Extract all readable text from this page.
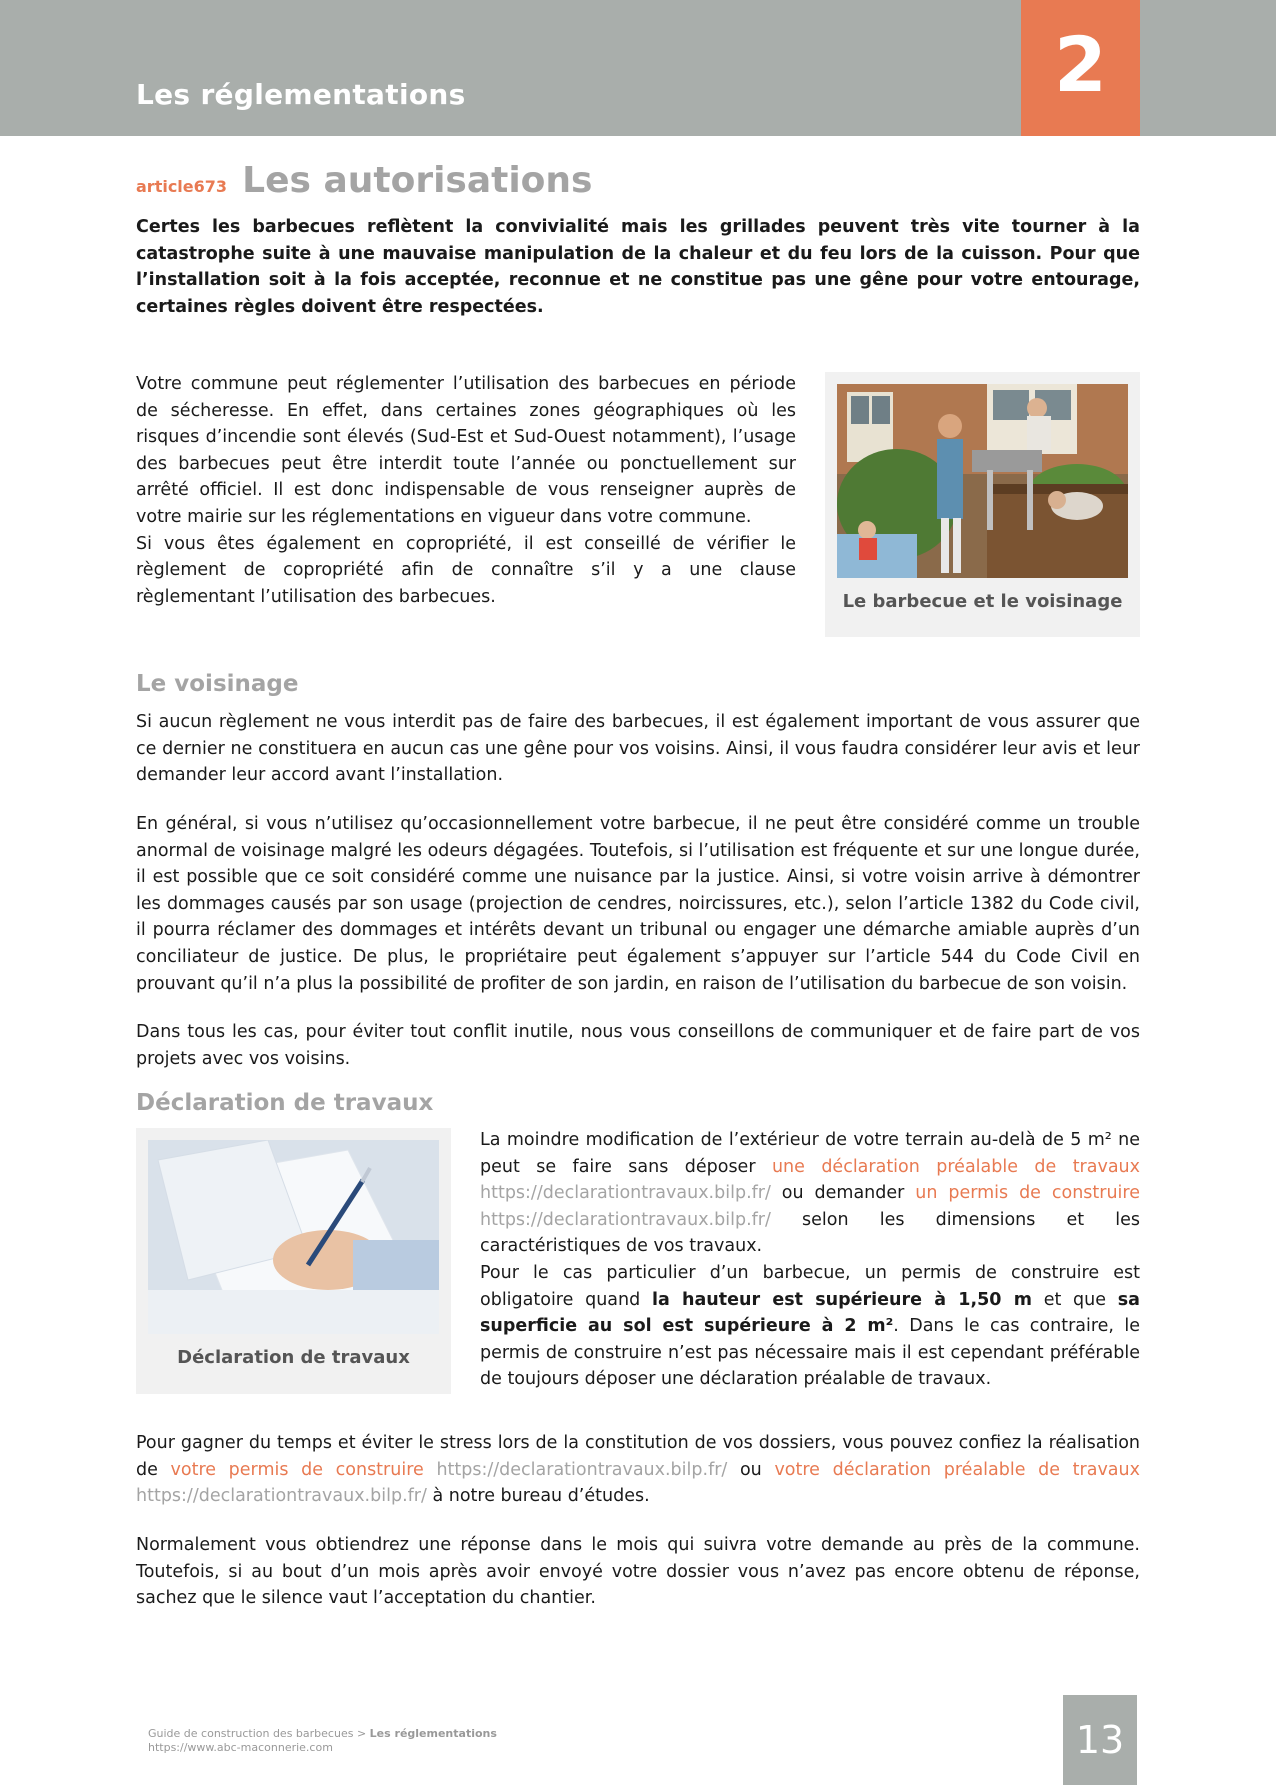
Les réglementations	2
article673 Les autorisations

Certes les barbecues reflètent la convivialité mais les grillades peuvent très vite tourner à la catastrophe suite à une mauvaise manipulation de la chaleur et du feu lors de la cuisson. Pour que l’installation soit à la fois acceptée, reconnue et ne constitue pas une gêne pour votre entourage, certaines règles doivent être respectées.

Votre commune peut réglementer l’utilisation des barbecues en période de sécheresse. En effet, dans certaines zones géographiques où les risques d’incendie sont élevés (Sud-Est et Sud-Ouest notamment), l’usage des barbecues peut être interdit toute l’année ou ponctuellement sur arrêté officiel. Il est donc indispensable de vous renseigner auprès de votre mairie sur les réglementations en vigueur dans votre commune.
Si vous êtes également en copropriété, il est conseillé de vérifier le règlement de copropriété afin de connaître s’il y a une clause règlementant l’utilisation des barbecues.	Le barbecue et le voisinage
Le voisinage

Si aucun règlement ne vous interdit pas de faire des barbecues, il est également important de vous assurer que ce dernier ne constituera en aucun cas une gêne pour vos voisins. Ainsi, il vous faudra considérer leur avis et leur demander leur accord avant l’installation.

En général, si vous n’utilisez qu’occasionnellement votre barbecue, il ne peut être considéré comme un trouble anormal de voisinage malgré les odeurs dégagées. Toutefois, si l’utilisation est fréquente et sur une longue durée, il est possible que ce soit considéré comme une nuisance par la justice. Ainsi, si votre voisin arrive à démontrer les dommages causés par son usage (projection de cendres, noircissures, etc.), selon l’article 1382 du Code civil, il pourra réclamer des dommages et intérêts devant un tribunal ou engager une démarche amiable auprès d’un conciliateur de justice. De plus, le propriétaire peut également s’appuyer sur l’article 544 du Code Civil en prouvant qu’il n’a plus la possibilité de profiter de son jardin, en raison de l’utilisation du barbecue de son voisin.

Dans tous les cas, pour éviter tout conflit inutile, nous vous conseillons de communiquer et de faire part de vos projets avec vos voisins.

Déclaration de travaux
Déclaration de travaux
La moindre modification de l’extérieur de votre terrain au-delà de 5 m² ne peut se faire sans déposer une déclaration préalable de travaux https://declarationtravaux.bilp.fr/ ou demander un permis de construire https://declarationtravaux.bilp.fr/ selon les dimensions et les caractéristiques de vos travaux.
Pour le cas particulier d’un barbecue, un permis de construire est obligatoire quand la hauteur est supérieure à 1,50 m et que sa superficie au sol est supérieure à 2 m². Dans le cas contraire, le permis de construire n’est pas nécessaire mais il est cependant préférable de toujours déposer une déclaration préalable de travaux.

Pour gagner du temps et éviter le stress lors de la constitution de vos dossiers, vous pouvez confiez la réalisation de votre permis de construire https://declarationtravaux.bilp.fr/ ou votre déclaration préalable de travaux https://declarationtravaux.bilp.fr/ à notre bureau d’études.

Normalement vous obtiendrez une réponse dans le mois qui suivra votre demande au près de la commune. Toutefois, si au bout d’un mois après avoir envoyé votre dossier vous n’avez pas encore obtenu de réponse, sachez que le silence vaut l’acceptation du chantier.

Guide de construction des barbecues > Les réglementations
https://www.abc-maconnerie.com	13
